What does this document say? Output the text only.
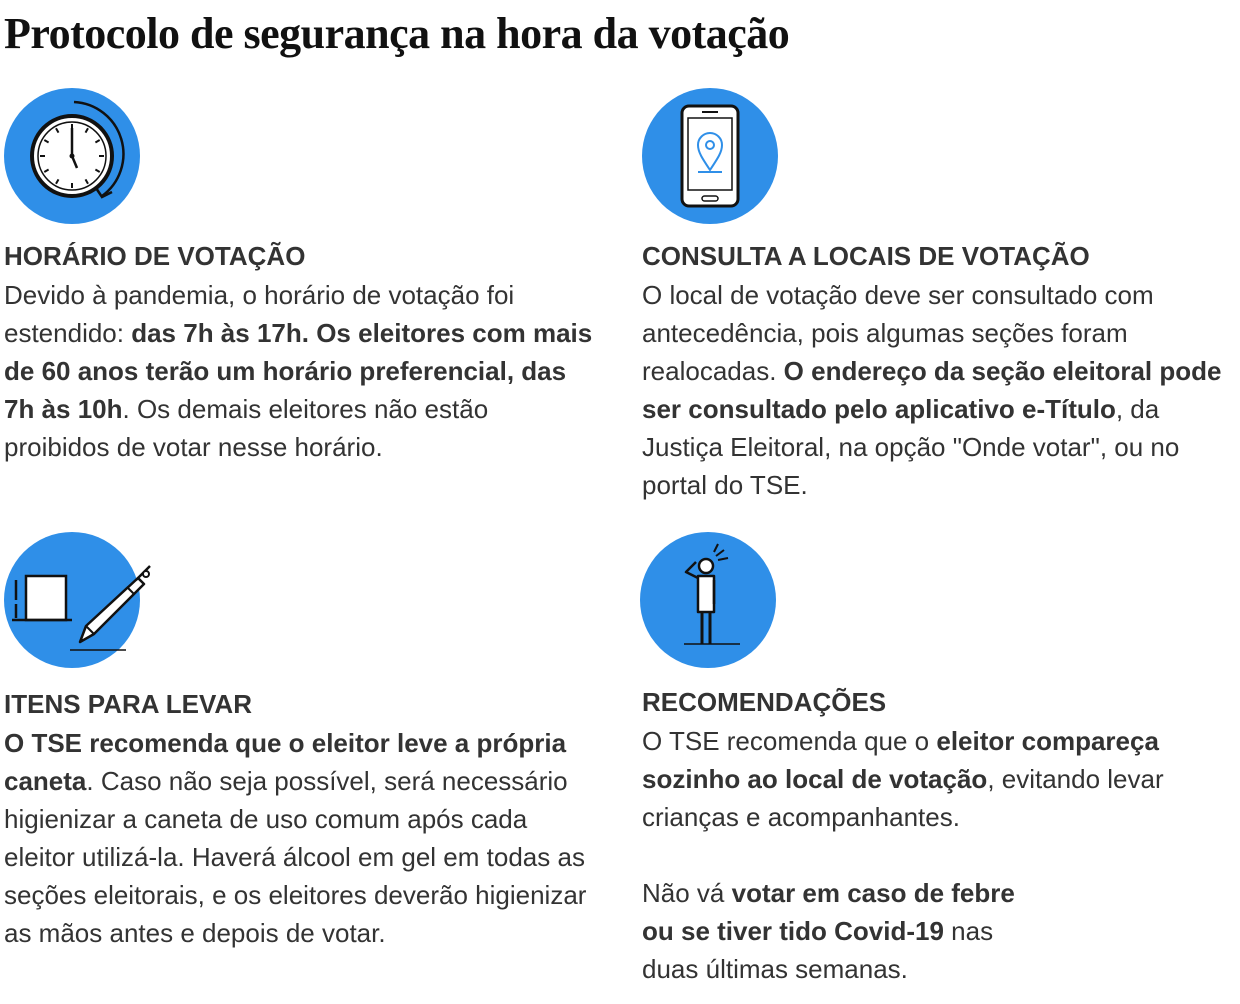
Protocolo de segurança na hora da votação
HORÁRIO DE VOTAÇÃO

Devido à pandemia, o horário de votação foi estendido: das 7h às 17h. Os eleitores com mais de 60 anos terão um horário preferencial, das 7h às 10h. Os demais eleitores não estão proibidos de votar nesse horário.

CONSULTA A LOCAIS DE VOTAÇÃO

O local de votação deve ser consultado com antecedência, pois algumas seções foram realocadas. O endereço da seção eleitoral pode ser consultado pelo aplicativo e-Título, da Justiça Eleitoral, na opção "Onde votar", ou no portal do TSE.

ITENS PARA LEVAR

O TSE recomenda que o eleitor leve a própria caneta. Caso não seja possível, será necessário higienizar a caneta de uso comum após cada eleitor utilizá-la. Haverá álcool em gel em todas as seções eleitorais, e os eleitores deverão higienizar as mãos antes e depois de votar.

RECOMENDAÇÕES

O TSE recomenda que o eleitor compareça sozinho ao local de votação, evitando levar crianças e acompanhantes.

Não vá votar em caso de febre ou se tiver tido Covid-19 nas duas últimas semanas.
